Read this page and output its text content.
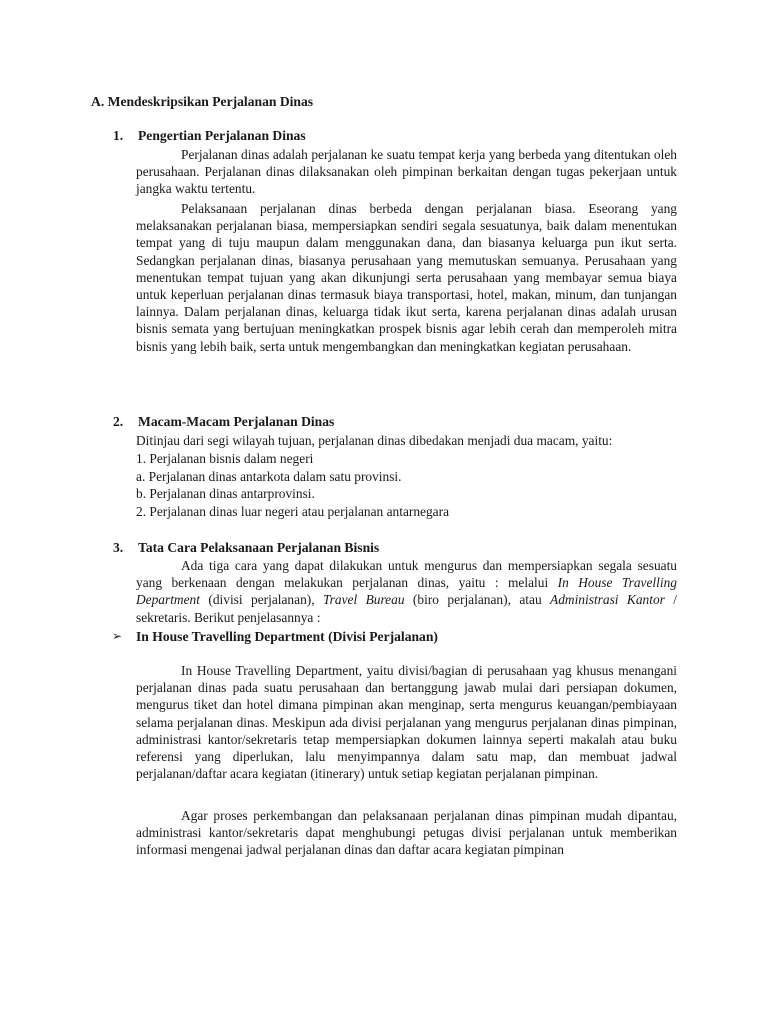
A. Mendeskripsikan Perjalanan Dinas
1. Pengertian Perjalanan Dinas
Perjalanan dinas adalah perjalanan ke suatu tempat kerja yang berbeda yang ditentukan oleh perusahaan. Perjalanan dinas dilaksanakan oleh pimpinan berkaitan dengan tugas pekerjaan untuk jangka waktu tertentu.
Pelaksanaan perjalanan dinas berbeda dengan perjalanan biasa. Eseorang yang melaksanakan perjalanan biasa, mempersiapkan sendiri segala sesuatunya, baik dalam menentukan tempat yang di tuju maupun dalam menggunakan dana, dan biasanya keluarga pun ikut serta. Sedangkan perjalanan dinas, biasanya perusahaan yang memutuskan semuanya. Perusahaan yang menentukan tempat tujuan yang akan dikunjungi serta perusahaan yang membayar semua biaya untuk keperluan perjalanan dinas termasuk biaya transportasi, hotel, makan, minum, dan tunjangan lainnya. Dalam perjalanan dinas, keluarga tidak ikut serta, karena perjalanan dinas adalah urusan bisnis semata yang bertujuan meningkatkan prospek bisnis agar lebih cerah dan memperoleh mitra bisnis yang lebih baik, serta untuk mengembangkan dan meningkatkan kegiatan perusahaan.
2. Macam-Macam Perjalanan Dinas
Ditinjau dari segi wilayah tujuan, perjalanan dinas dibedakan menjadi dua macam, yaitu:
1. Perjalanan bisnis dalam negeri
a. Perjalanan dinas antarkota dalam satu provinsi.
b. Perjalanan dinas antarprovinsi.
2. Perjalanan dinas luar negeri atau perjalanan antarnegara
3. Tata Cara Pelaksanaan Perjalanan Bisnis
Ada tiga cara yang dapat dilakukan untuk mengurus dan mempersiapkan segala sesuatu yang berkenaan dengan melakukan perjalanan dinas, yaitu : melalui In House Travelling Department (divisi perjalanan), Travel Bureau (biro perjalanan), atau Administrasi Kantor / sekretaris. Berikut penjelasannya :
➢ In House Travelling Department (Divisi Perjalanan)
In House Travelling Department, yaitu divisi/bagian di perusahaan yag khusus menangani perjalanan dinas pada suatu perusahaan dan bertanggung jawab mulai dari persiapan dokumen, mengurus tiket dan hotel dimana pimpinan akan menginap, serta mengurus keuangan/pembiayaan selama perjalanan dinas. Meskipun ada divisi perjalanan yang mengurus perjalanan dinas pimpinan, administrasi kantor/sekretaris tetap mempersiapkan dokumen lainnya seperti makalah atau buku referensi yang diperlukan, lalu menyimpannya dalam satu map, dan membuat jadwal perjalanan/daftar acara kegiatan (itinerary) untuk setiap kegiatan perjalanan pimpinan.
Agar proses perkembangan dan pelaksanaan perjalanan dinas pimpinan mudah dipantau, administrasi kantor/sekretaris dapat menghubungi petugas divisi perjalanan untuk memberikan informasi mengenai jadwal perjalanan dinas dan daftar acara kegiatan pimpinan
